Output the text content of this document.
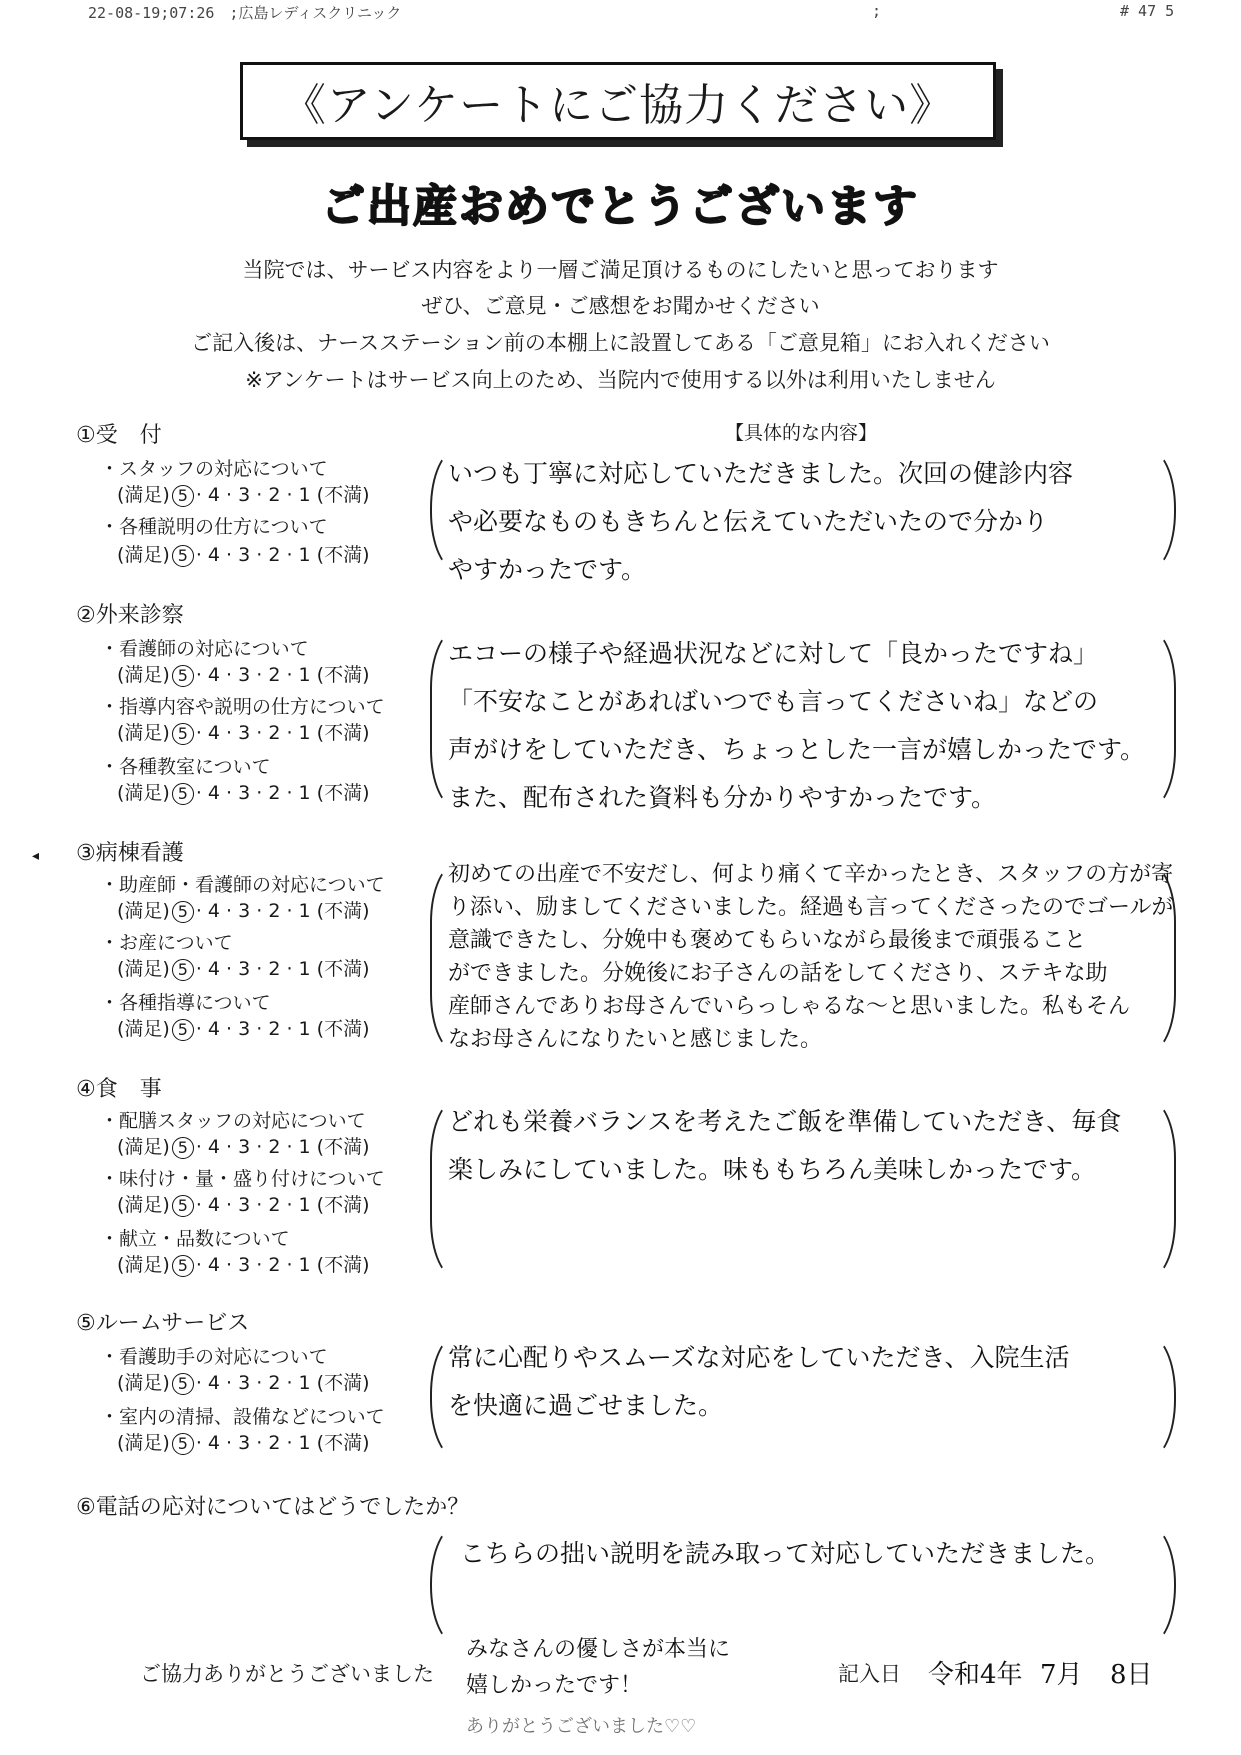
22-08-19;07:26　;広島レディスクリニック	;	# 47 5
《アンケートにご協力ください》
ご出産おめでとうございます
当院では、サービス内容をより一層ご満足頂けるものにしたいと思っております
ぜひ、ご意見・ご感想をお聞かせください
ご記入後は、ナースステーション前の本棚上に設置してある「ご意見箱」にお入れください
※アンケートはサービス向上のため、当院内で使用する以外は利用いたしません
【具体的な内容】
①受　付
・スタッフの対応について
(満足) 5 · 4 · 3 · 2 · 1 (不満)
・各種説明の仕方について
(満足) 5 · 4 · 3 · 2 · 1 (不満)
いつも丁寧に対応していただきました。次回の健診内容
や必要なものもきちんと伝えていただいたので分かり
やすかったです。
②外来診察
・看護師の対応について
(満足) 5 · 4 · 3 · 2 · 1 (不満)
・指導内容や説明の仕方について
(満足) 5 · 4 · 3 · 2 · 1 (不満)
・各種教室について
(満足) 5 · 4 · 3 · 2 · 1 (不満)
エコーの様子や経過状況などに対して「良かったですね」
「不安なことがあればいつでも言ってくださいね」などの
声がけをしていただき、ちょっとした一言が嬉しかったです。
また、配布された資料も分かりやすかったです。
◂ ③病棟看護
・助産師・看護師の対応について
(満足) 5 · 4 · 3 · 2 · 1 (不満)
・お産について
(満足) 5 · 4 · 3 · 2 · 1 (不満)
・各種指導について
(満足) 5 · 4 · 3 · 2 · 1 (不満)
初めての出産で不安だし、何より痛くて辛かったとき、スタッフの方が寄
り添い、励ましてくださいました。経過も言ってくださったのでゴールが
意識できたし、分娩中も褒めてもらいながら最後まで頑張ること
ができました。分娩後にお子さんの話をしてくださり、ステキな助
産師さんでありお母さんでいらっしゃるな〜と思いました。私もそん
なお母さんになりたいと感じました。
④食　事
・配膳スタッフの対応について
(満足) 5 · 4 · 3 · 2 · 1 (不満)
・味付け・量・盛り付けについて
(満足) 5 · 4 · 3 · 2 · 1 (不満)
・献立・品数について
(満足) 5 · 4 · 3 · 2 · 1 (不満)
どれも栄養バランスを考えたご飯を準備していただき、毎食
楽しみにしていました。味ももちろん美味しかったです。
⑤ルームサービス
・看護助手の対応について
(満足) 5 · 4 · 3 · 2 · 1 (不満)
・室内の清掃、設備などについて
(満足) 5 · 4 · 3 · 2 · 1 (不満)
常に心配りやスムーズな対応をしていただき、入院生活
を快適に過ごせました。
⑥電話の応対についてはどうでしたか？
こちらの拙い説明を読み取って対応していただきました。
ご協力ありがとうございました
みなさんの優しさが本当に
嬉しかったです！
ありがとうございました♡♡
記入日 令和4年 7月 8日
